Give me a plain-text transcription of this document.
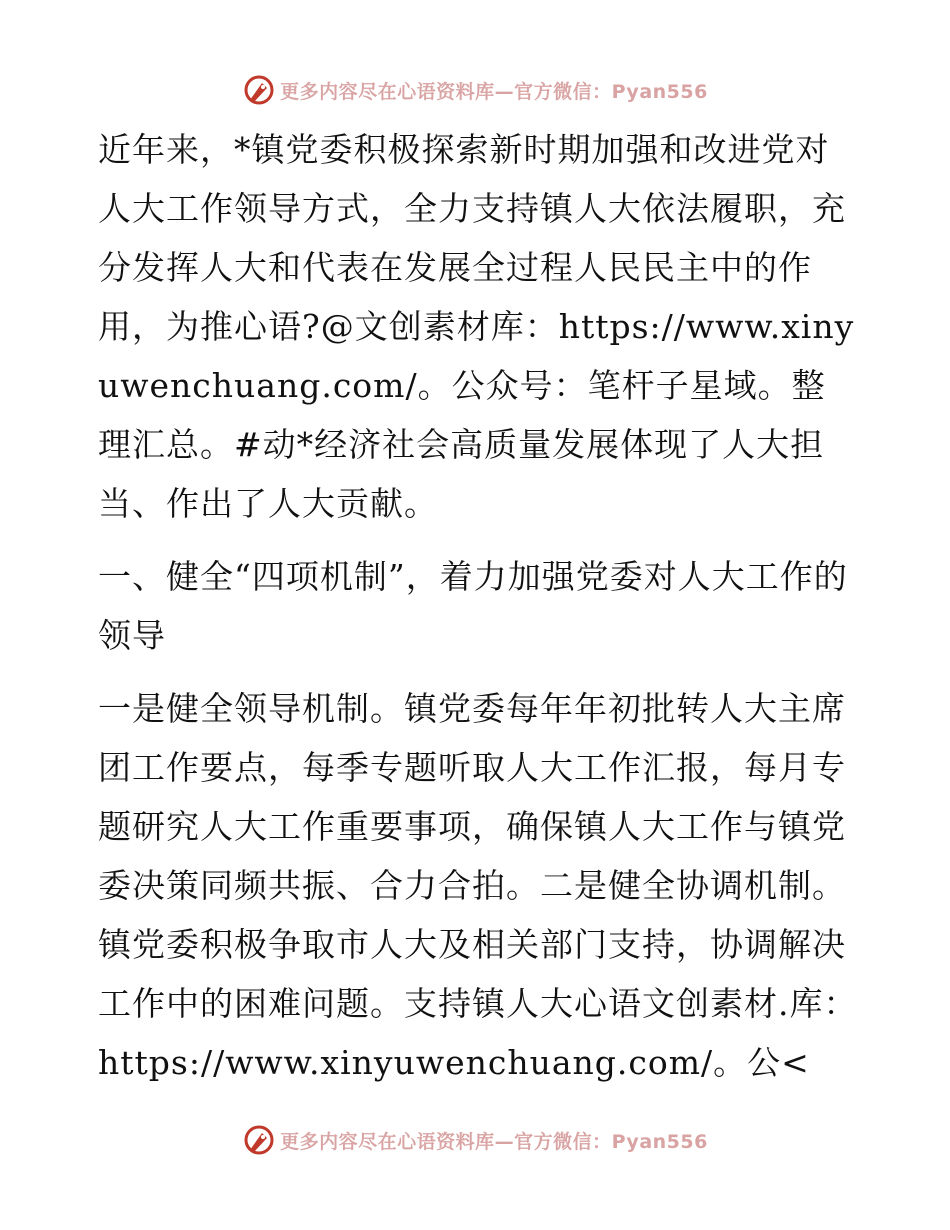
更多内容尽在心语资料库—官方微信：Pyan556

近年来，*镇党委积极探索新时期加强和改进党对人大工作领导方式，全力支持镇人大依法履职，充分发挥人大和代表在发展全过程人民民主中的作用，为推心语?@文创素材库：https://www.xinyuwenchuang.com/。公众号：笔杆子星域。整理汇总。#动*经济社会高质量发展体现了人大担当、作出了人大贡献。

一、健全“四项机制”，着力加强党委对人大工作的领导

一是健全领导机制。镇党委每年年初批转人大主席团工作要点，每季专题听取人大工作汇报，每月专题研究人大工作重要事项，确保镇人大工作与镇党委决策同频共振、合力合拍。二是健全协调机制。镇党委积极争取市人大及相关部门支持，协调解决工作中的困难问题。支持镇人大心语文创素材.库：https://www.xinyuwenchuang.com/。公<

更多内容尽在心语资料库—官方微信：Pyan556
